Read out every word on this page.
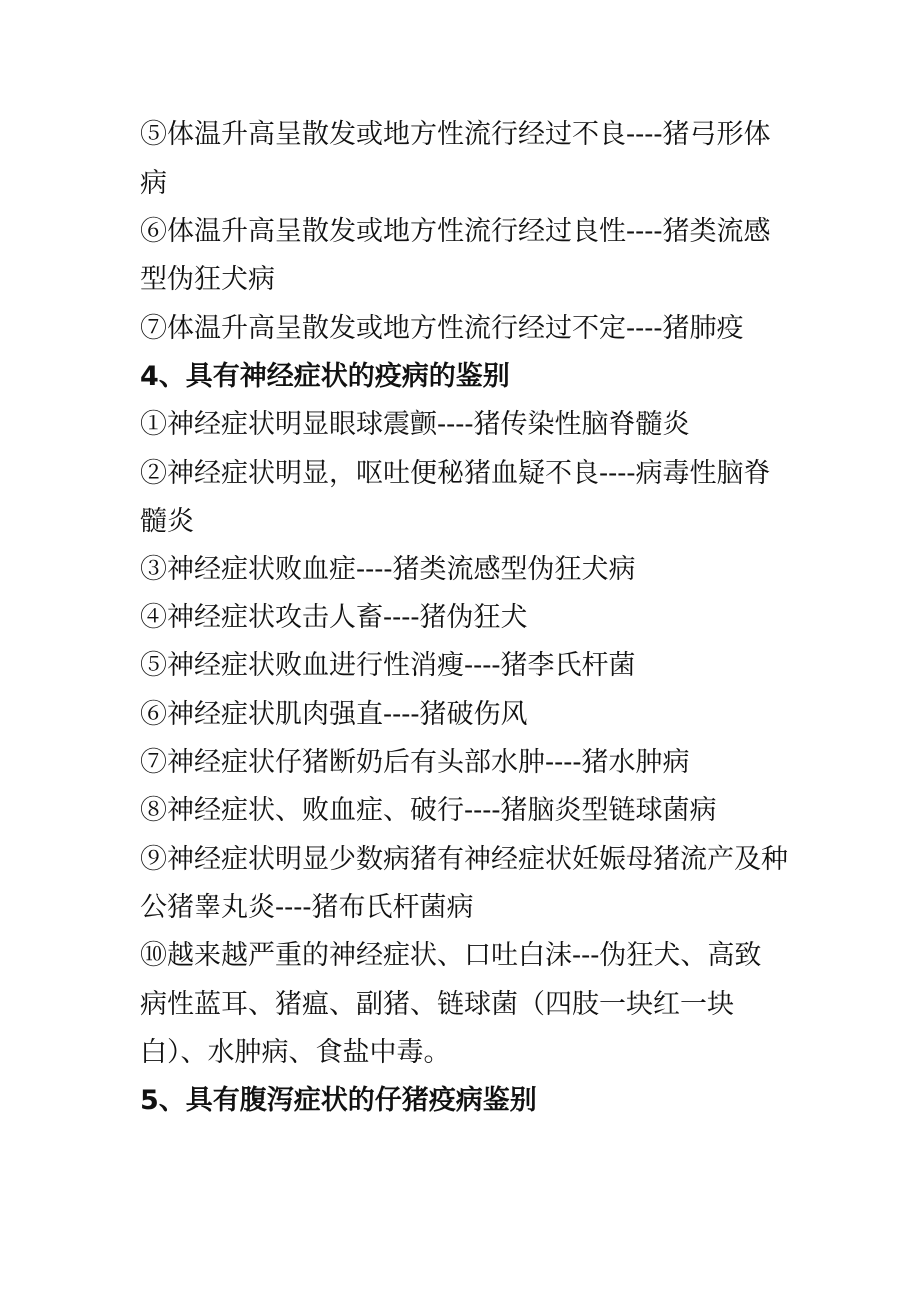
⑤体温升高呈散发或地方性流行经过不良----猪弓形体
病
⑥体温升高呈散发或地方性流行经过良性----猪类流感
型伪狂犬病
⑦体温升高呈散发或地方性流行经过不定----猪肺疫
4、具有神经症状的疫病的鉴别
①神经症状明显眼球震颤----猪传染性脑脊髓炎
②神经症状明显，呕吐便秘猪血疑不良----病毒性脑脊
髓炎
③神经症状败血症----猪类流感型伪狂犬病
④神经症状攻击人畜----猪伪狂犬
⑤神经症状败血进行性消瘦----猪李氏杆菌
⑥神经症状肌肉强直----猪破伤风
⑦神经症状仔猪断奶后有头部水肿----猪水肿病
⑧神经症状、败血症、破行----猪脑炎型链球菌病
⑨神经症状明显少数病猪有神经症状妊娠母猪流产及种
公猪睾丸炎----猪布氏杆菌病
⑩越来越严重的神经症状、口吐白沫---伪狂犬、高致
病性蓝耳、猪瘟、副猪、链球菌（四肢一块红一块
白）、水肿病、食盐中毒。
5、具有腹泻症状的仔猪疫病鉴别
